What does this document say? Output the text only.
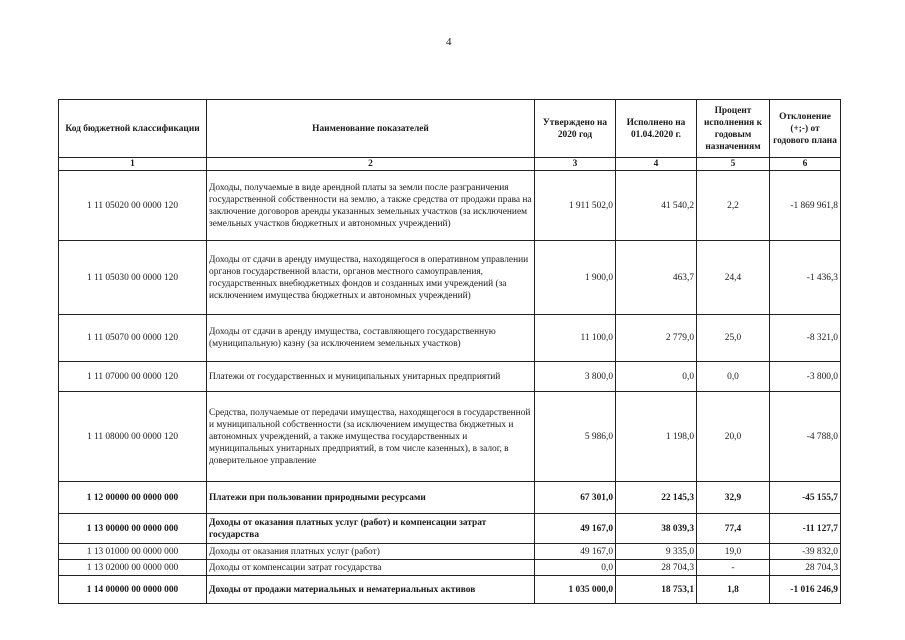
4
Код бюджетной классификации	Наименование показателей	Утверждено на 2020 год	Исполнено на 01.04.2020 г.	Процент исполнения к годовым назначениям	Отклонение (+;-) от годового плана
1	2	3	4	5	6
1 11 05020 00 0000 120	Доходы, получаемые в виде арендной платы за земли после разграничения государственной собственности на землю, а также средства от продажи права на заключение договоров аренды указанных земельных участков (за исключением земельных участков бюджетных и автономных учреждений)	1 911 502,0	41 540,2	2,2	-1 869 961,8
1 11 05030 00 0000 120	Доходы от сдачи в аренду имущества, находящегося в оперативном управлении органов государственной власти, органов местного самоуправления, государственных внебюджетных фондов и созданных ими учреждений (за исключением имущества бюджетных и автономных учреждений)	1 900,0	463,7	24,4	-1 436,3
1 11 05070 00 0000 120	Доходы от сдачи в аренду имущества, составляющего государственную (муниципальную) казну (за исключением земельных участков)	11 100,0	2 779,0	25,0	-8 321,0
1 11 07000 00 0000 120	Платежи от государственных и муниципальных унитарных предприятий	3 800,0	0,0	0,0	-3 800,0
1 11 08000 00 0000 120	Средства, получаемые от передачи имущества, находящегося в государственной и муниципальной собственности (за исключением имущества бюджетных и автономных учреждений, а также имущества государственных и муниципальных унитарных предприятий, в том числе казенных), в залог, в доверительное управление	5 986,0	1 198,0	20,0	-4 788,0
1 12 00000 00 0000 000	Платежи при пользовании природными ресурсами	67 301,0	22 145,3	32,9	-45 155,7
1 13 00000 00 0000 000	Доходы от оказания платных услуг (работ) и компенсации затрат государства	49 167,0	38 039,3	77,4	-11 127,7
1 13 01000 00 0000 000	Доходы от оказания платных услуг (работ)	49 167,0	9 335,0	19,0	-39 832,0
1 13 02000 00 0000 000	Доходы от компенсации затрат государства	0,0	28 704,3	-	28 704,3
1 14 00000 00 0000 000	Доходы от продажи материальных и нематериальных активов	1 035 000,0	18 753,1	1,8	-1 016 246,9
